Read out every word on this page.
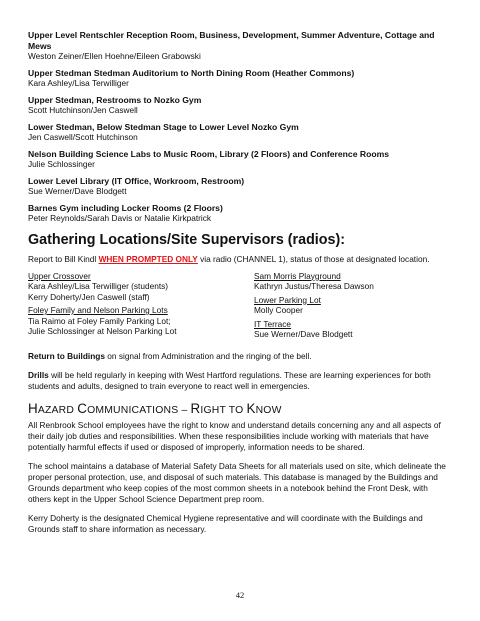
Upper Level Rentschler Reception Room, Business, Development, Summer Adventure, Cottage and Mews
Weston Zeiner/Ellen Hoehne/Eileen Grabowski
Upper Stedman Stedman Auditorium to North Dining Room (Heather Commons)
Kara Ashley/Lisa Terwilliger
Upper Stedman, Restrooms to Nozko Gym
Scott Hutchinson/Jen Caswell
Lower Stedman, Below Stedman Stage to Lower Level Nozko Gym
Jen Caswell/Scott Hutchinson
Nelson Building Science Labs to Music Room, Library (2 Floors) and Conference Rooms
Julie Schlossinger
Lower Level Library (IT Office, Workroom, Restroom)
Sue Werner/Dave Blodgett
Barnes Gym including Locker Rooms (2 Floors)
Peter Reynolds/Sarah Davis or Natalie Kirkpatrick
Gathering Locations/Site Supervisors (radios):
Report to Bill Kindl WHEN PROMPTED ONLY via radio (CHANNEL 1), status of those at designated location.
Upper Crossover
Kara Ashley/Lisa Terwilliger (students)
Kerry Doherty/Jen Caswell (staff)
Foley Family and Nelson Parking Lots
Tia Raimo at Foley Family Parking Lot;
Julie Schlossinger at Nelson Parking Lot
Sam Morris Playground
Kathryn Justus/Theresa Dawson
Lower Parking Lot
Molly Cooper
IT Terrace
Sue Werner/Dave Blodgett
Return to Buildings on signal from Administration and the ringing of the bell.
Drills will be held regularly in keeping with West Hartford regulations. These are learning experiences for both students and adults, designed to train everyone to react well in emergencies.
HAZARD COMMUNICATIONS – RIGHT TO KNOW
All Renbrook School employees have the right to know and understand details concerning any and all aspects of their daily job duties and responsibilities. When these responsibilities include working with materials that have potentially harmful effects if used or disposed of improperly, information needs to be shared.
The school maintains a database of Material Safety Data Sheets for all materials used on site, which delineate the proper personal protection, use, and disposal of such materials. This database is managed by the Buildings and Grounds department who keep copies of the most common sheets in a notebook behind the Front Desk, with others kept in the Upper School Science Department prep room.
Kerry Doherty is the designated Chemical Hygiene representative and will coordinate with the Buildings and Grounds staff to share information as necessary.
42
